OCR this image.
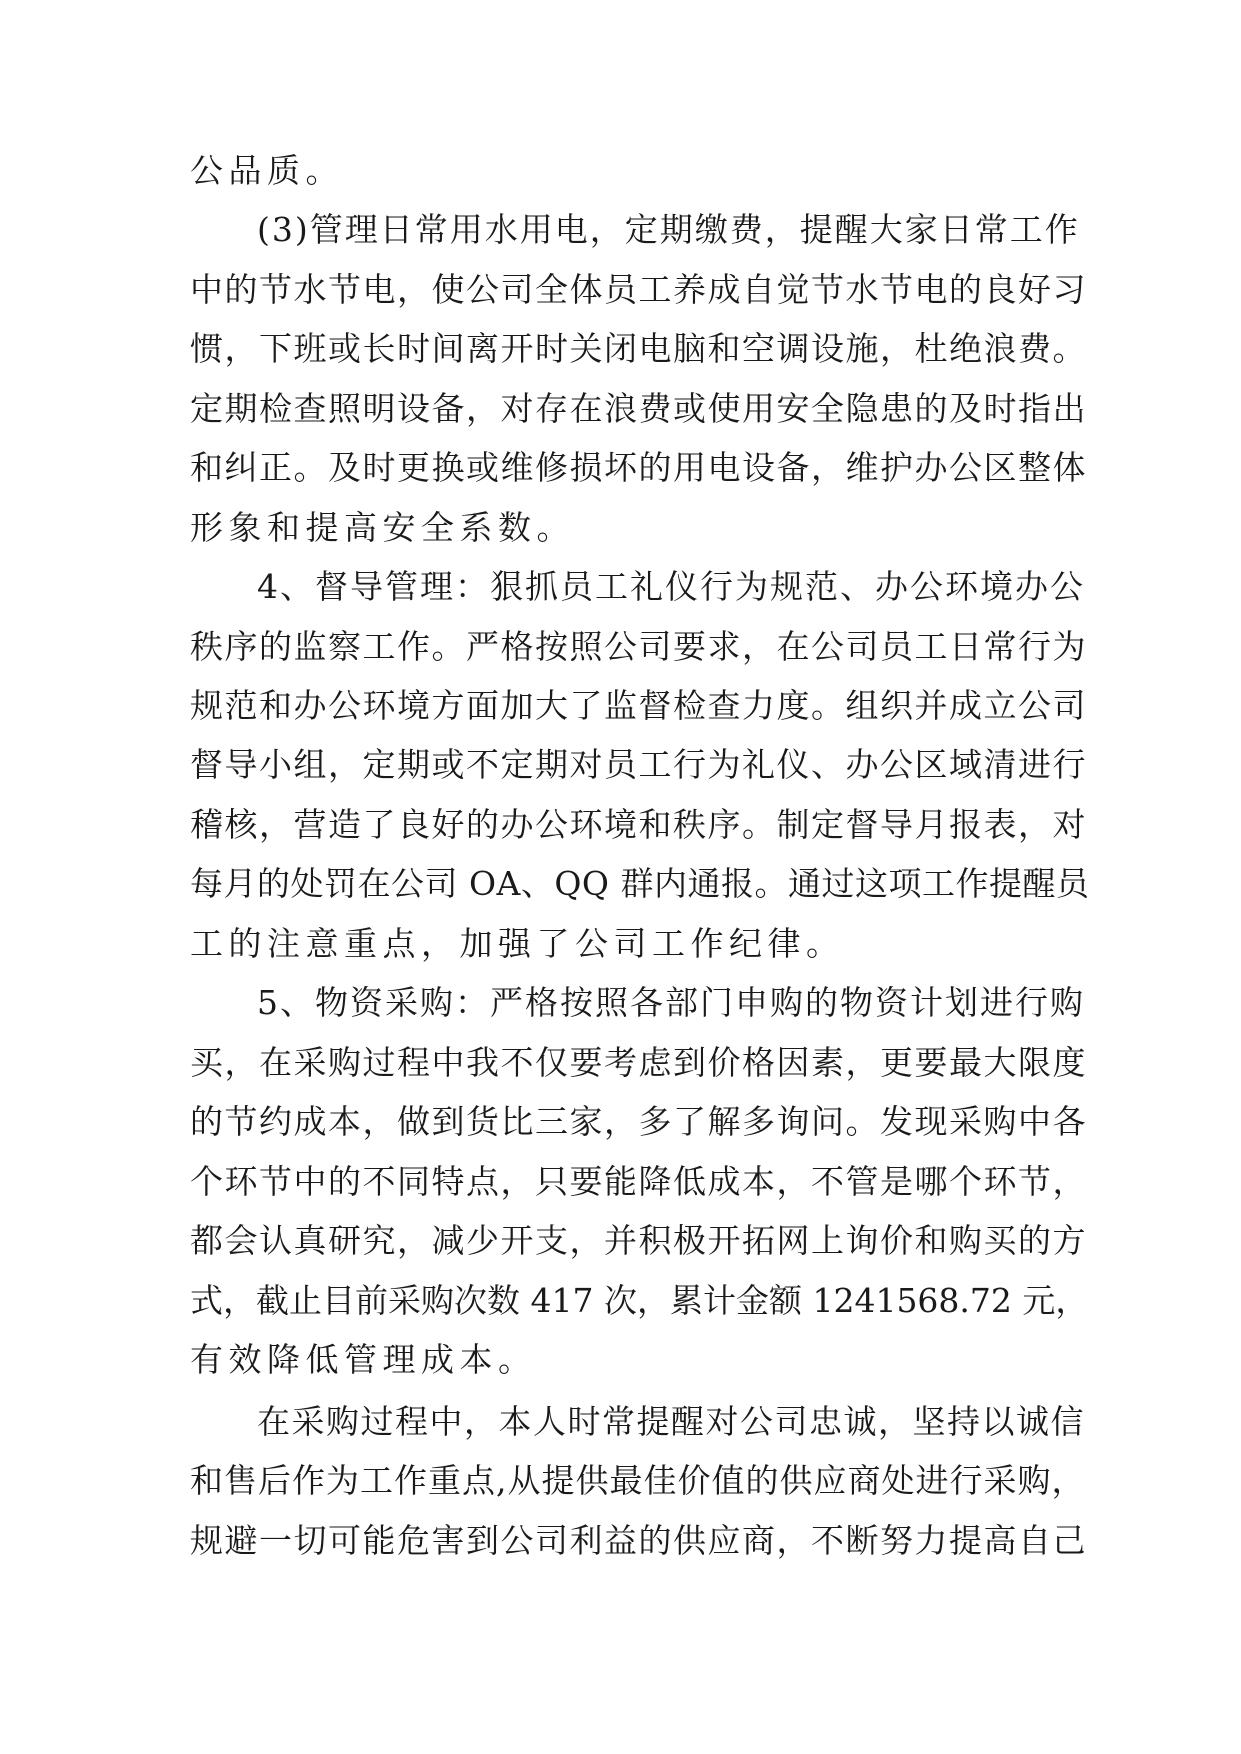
公品质。
(3)管理日常用水用电，定期缴费，提醒大家日常工作
中的节水节电，使公司全体员工养成自觉节水节电的良好习
惯，下班或长时间离开时关闭电脑和空调设施，杜绝浪费。
定期检查照明设备，对存在浪费或使用安全隐患的及时指出
和纠正。及时更换或维修损坏的用电设备，维护办公区整体
形象和提高安全系数。
4、督导管理：狠抓员工礼仪行为规范、办公环境办公
秩序的监察工作。严格按照公司要求，在公司员工日常行为
规范和办公环境方面加大了监督检查力度。组织并成立公司
督导小组，定期或不定期对员工行为礼仪、办公区域清进行
稽核，营造了良好的办公环境和秩序。制定督导月报表，对
每月的处罚在公司 OA、QQ 群内通报。通过这项工作提醒员
工的注意重点，加强了公司工作纪律。
5、物资采购：严格按照各部门申购的物资计划进行购
买，在采购过程中我不仅要考虑到价格因素，更要最大限度
的节约成本，做到货比三家，多了解多询问。发现采购中各
个环节中的不同特点，只要能降低成本，不管是哪个环节，
都会认真研究，减少开支，并积极开拓网上询价和购买的方
式，截止目前采购次数 417 次，累计金额 1241568.72 元，
有效降低管理成本。
在采购过程中，本人时常提醒对公司忠诚，坚持以诚信
和售后作为工作重点,从提供最佳价值的供应商处进行采购，
规避一切可能危害到公司利益的供应商，不断努力提高自己
